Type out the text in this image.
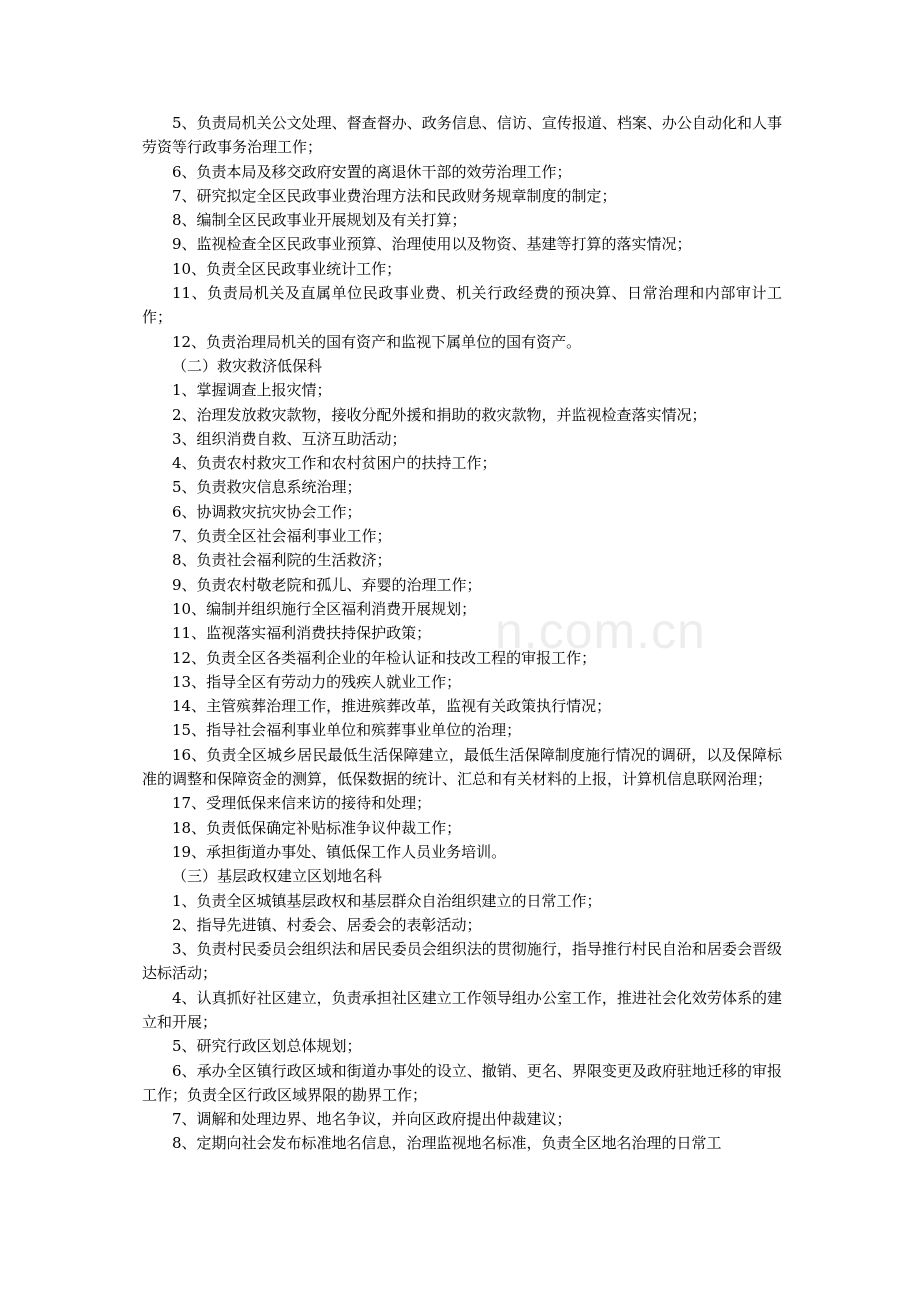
n.com.cn

5、负责局机关公文处理、督查督办、政务信息、信访、宣传报道、档案、办公自动化和人事劳资等行政事务治理工作；

6、负责本局及移交政府安置的离退休干部的效劳治理工作；

7、研究拟定全区民政事业费治理方法和民政财务规章制度的制定；

8、编制全区民政事业开展规划及有关打算；

9、监视检查全区民政事业预算、治理使用以及物资、基建等打算的落实情况；

10、负责全区民政事业统计工作；

11、负责局机关及直属单位民政事业费、机关行政经费的预决算、日常治理和内部审计工作；

12、负责治理局机关的国有资产和监视下属单位的国有资产。

（二）救灾救济低保科

1、掌握调查上报灾情；

2、治理发放救灾款物，接收分配外援和捐助的救灾款物，并监视检查落实情况；

3、组织消费自救、互济互助活动；

4、负责农村救灾工作和农村贫困户的扶持工作；

5、负责救灾信息系统治理；

6、协调救灾抗灾协会工作；

7、负责全区社会福利事业工作；

8、负责社会福利院的生活救济；

9、负责农村敬老院和孤儿、弃婴的治理工作；

10、编制并组织施行全区福利消费开展规划；

11、监视落实福利消费扶持保护政策；

12、负责全区各类福利企业的年检认证和技改工程的审报工作；

13、指导全区有劳动力的残疾人就业工作；

14、主管殡葬治理工作，推进殡葬改革，监视有关政策执行情况；

15、指导社会福利事业单位和殡葬事业单位的治理；

16、负责全区城乡居民最低生活保障建立，最低生活保障制度施行情况的调研，以及保障标准的调整和保障资金的测算，低保数据的统计、汇总和有关材料的上报，计算机信息联网治理；

17、受理低保来信来访的接待和处理；

18、负责低保确定补贴标准争议仲裁工作；

19、承担街道办事处、镇低保工作人员业务培训。

（三）基层政权建立区划地名科

1、负责全区城镇基层政权和基层群众自治组织建立的日常工作；

2、指导先进镇、村委会、居委会的表彰活动；

3、负责村民委员会组织法和居民委员会组织法的贯彻施行，指导推行村民自治和居委会晋级达标活动；

4、认真抓好社区建立，负责承担社区建立工作领导组办公室工作，推进社会化效劳体系的建立和开展；

5、研究行政区划总体规划；

6、承办全区镇行政区域和街道办事处的设立、撤销、更名、界限变更及政府驻地迁移的审报工作；负责全区行政区域界限的勘界工作；

7、调解和处理边界、地名争议，并向区政府提出仲裁建议；

8、定期向社会发布标准地名信息，治理监视地名标准，负责全区地名治理的日常工
